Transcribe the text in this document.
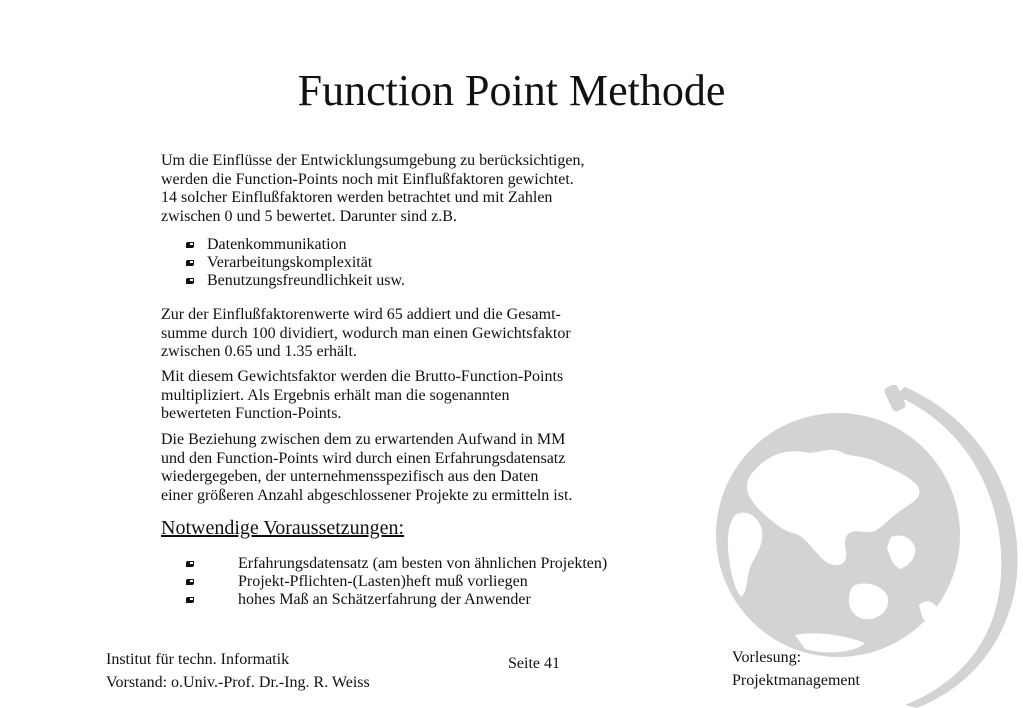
Function Point Methode
Um die Einflüsse der Entwicklungsumgebung zu berücksichtigen,
werden die Function-Points noch mit Einflußfaktoren gewichtet.
14 solcher Einflußfaktoren werden betrachtet und mit Zahlen
zwischen 0 und 5 bewertet. Darunter sind z.B.
Datenkommunikation
Verarbeitungskomplexität
Benutzungsfreundlichkeit usw.
Zur der Einflußfaktorenwerte wird 65 addiert und die Gesamt-
summe durch 100 dividiert, wodurch man einen Gewichtsfaktor
zwischen 0.65 und 1.35 erhält.
Mit diesem Gewichtsfaktor werden die Brutto-Function-Points
multipliziert. Als Ergebnis erhält man die sogenannten
bewerteten Function-Points.
Die Beziehung zwischen dem zu erwartenden Aufwand in MM
und den Function-Points wird durch einen Erfahrungsdatensatz
wiedergegeben, der unternehmensspezifisch aus den Daten
einer größeren Anzahl abgeschlossener Projekte zu ermitteln ist.
Notwendige Voraussetzungen:
Erfahrungsdatensatz (am besten von ähnlichen Projekten)
Projekt-Pflichten-(Lasten)heft muß vorliegen
hohes Maß an Schätzerfahrung der Anwender
Institut für techn. Informatik
Vorstand: o.Univ.-Prof. Dr.-Ing. R. Weiss
Seite 41	Vorlesung:
Projektmanagement
